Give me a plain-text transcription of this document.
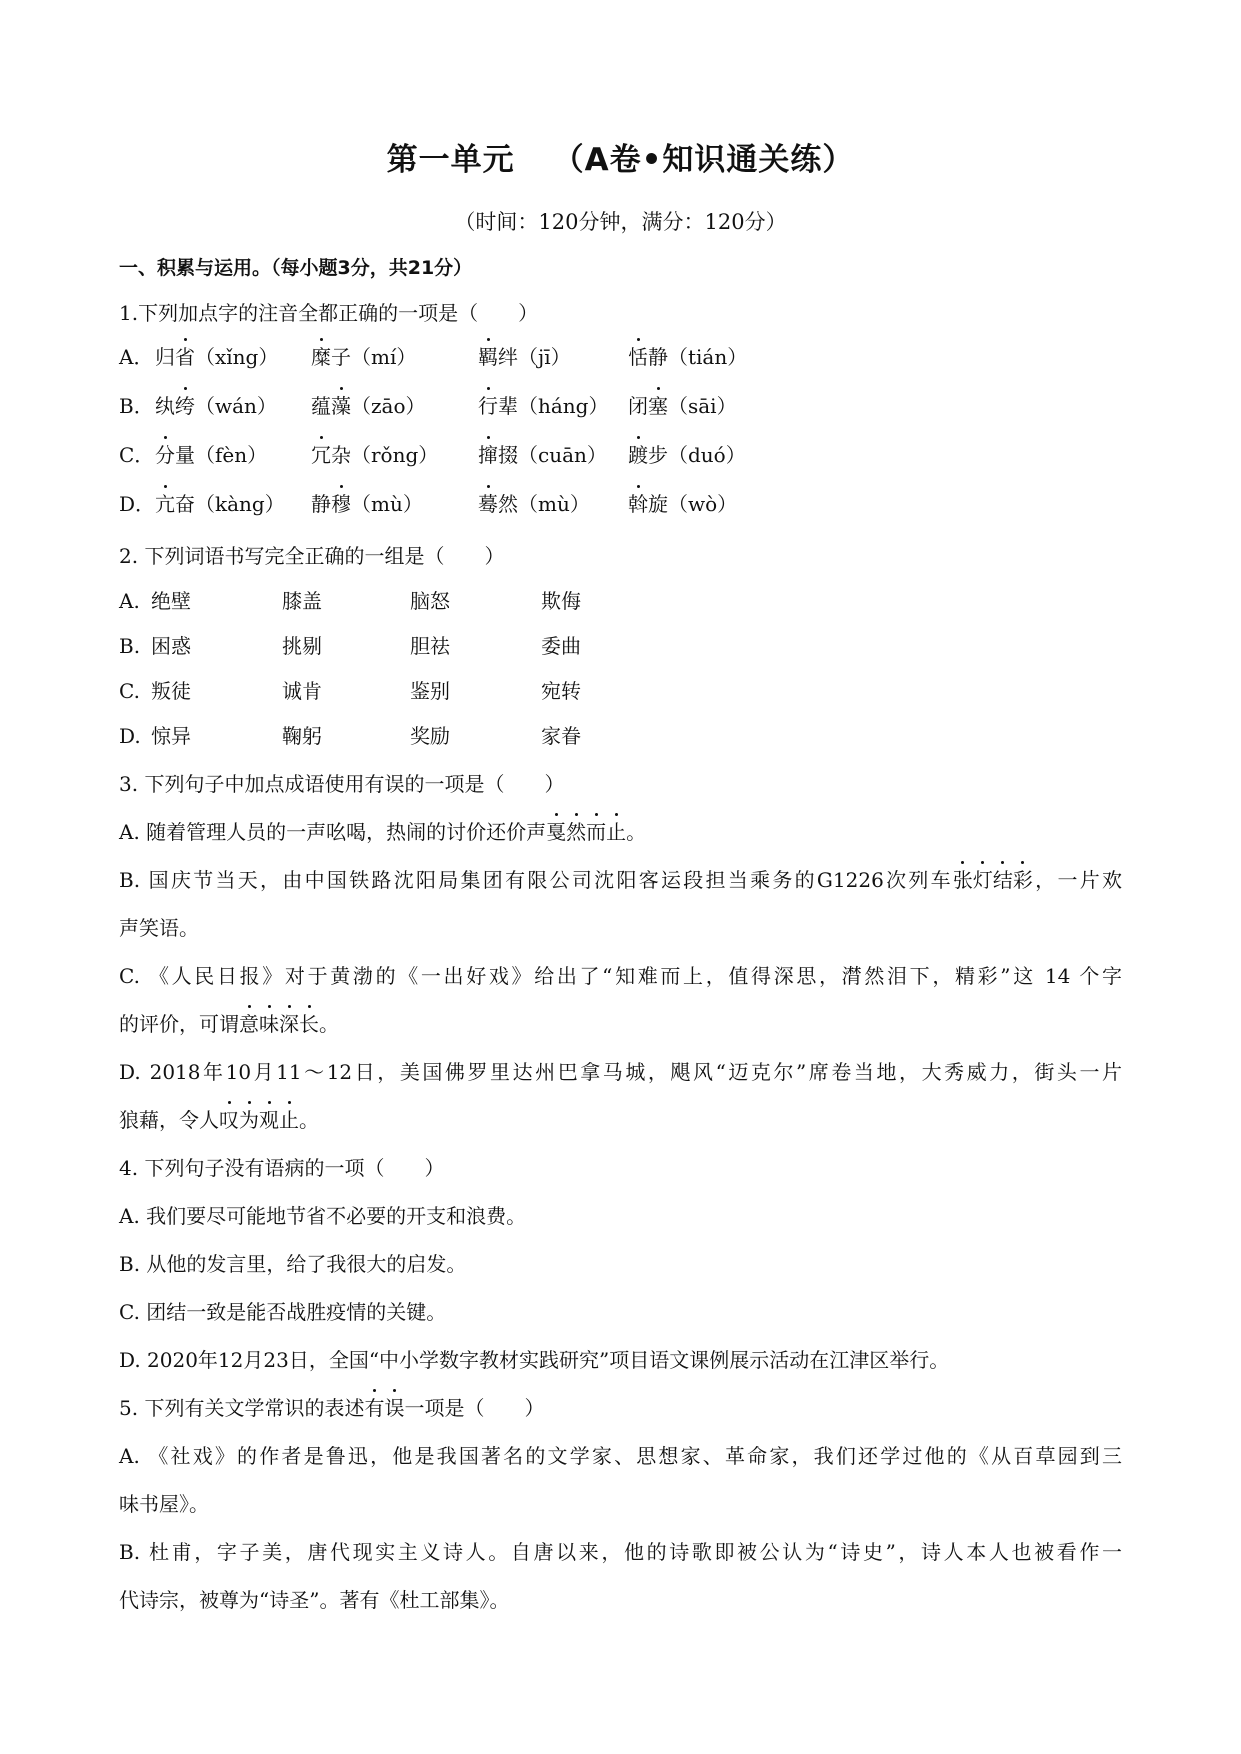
第一单元 （A卷•知识通关练）
（时间：120分钟，满分：120分）
一、积累与运用。（每小题3分，共21分）
1.下列加点字的注音全都正确的一项是（　　）
A． 归省（xǐng） 糜子（mí）	羁绊（jī）	恬静（tián）
B． 纨绔（wán） 蕴藻（zāo）	行辈（háng） 闭塞（sāi）
C． 分量（fèn） 冗杂（rǒng） 撺掇（cuān） 踱步（duó）
D． 亢奋（kàng） 静穆（mù）	蓦然（mù） 斡旋（wò）
2. 下列词语书写完全正确的一组是（　　）
A. 绝壁	膝盖	脑怒	欺侮
B. 困惑	挑剔	胆祛	委曲
C. 叛徒	诚肯	鉴别	宛转
D. 惊异	鞠躬	奖励	家眷
3. 下列句子中加点成语使用有误的一项是（　　）
A. 随着管理人员的一声吆喝，热闹的讨价还价声戛然而止。
B. 国庆节当天，由中国铁路沈阳局集团有限公司沈阳客运段担当乘务的G1226次列车张灯结彩，一片欢
声笑语。
C. 《人民日报》对于黄渤的《一出好戏》给出了“知难而上，值得深思，潸然泪下，精彩”这 14 个字
的评价，可谓意味深长。
D. 2018年10月11～12日，美国佛罗里达州巴拿马城，飓风“迈克尔”席卷当地，大秀威力，街头一片
狼藉，令人叹为观止。
4. 下列句子没有语病的一项（　　）
A. 我们要尽可能地节省不必要的开支和浪费。
B. 从他的发言里，给了我很大的启发。
C. 团结一致是能否战胜疫情的关键。
D. 2020年12月23日，全国“中小学数字教材实践研究”项目语文课例展示活动在江津区举行。
5. 下列有关文学常识的表述有误一项是（　　）
A. 《社戏》的作者是鲁迅，他是我国著名的文学家、思想家、革命家，我们还学过他的《从百草园到三
味书屋》。
B. 杜甫，字子美，唐代现实主义诗人。自唐以来，他的诗歌即被公认为“诗史”，诗人本人也被看作一
代诗宗，被尊为“诗圣”。著有《杜工部集》。
